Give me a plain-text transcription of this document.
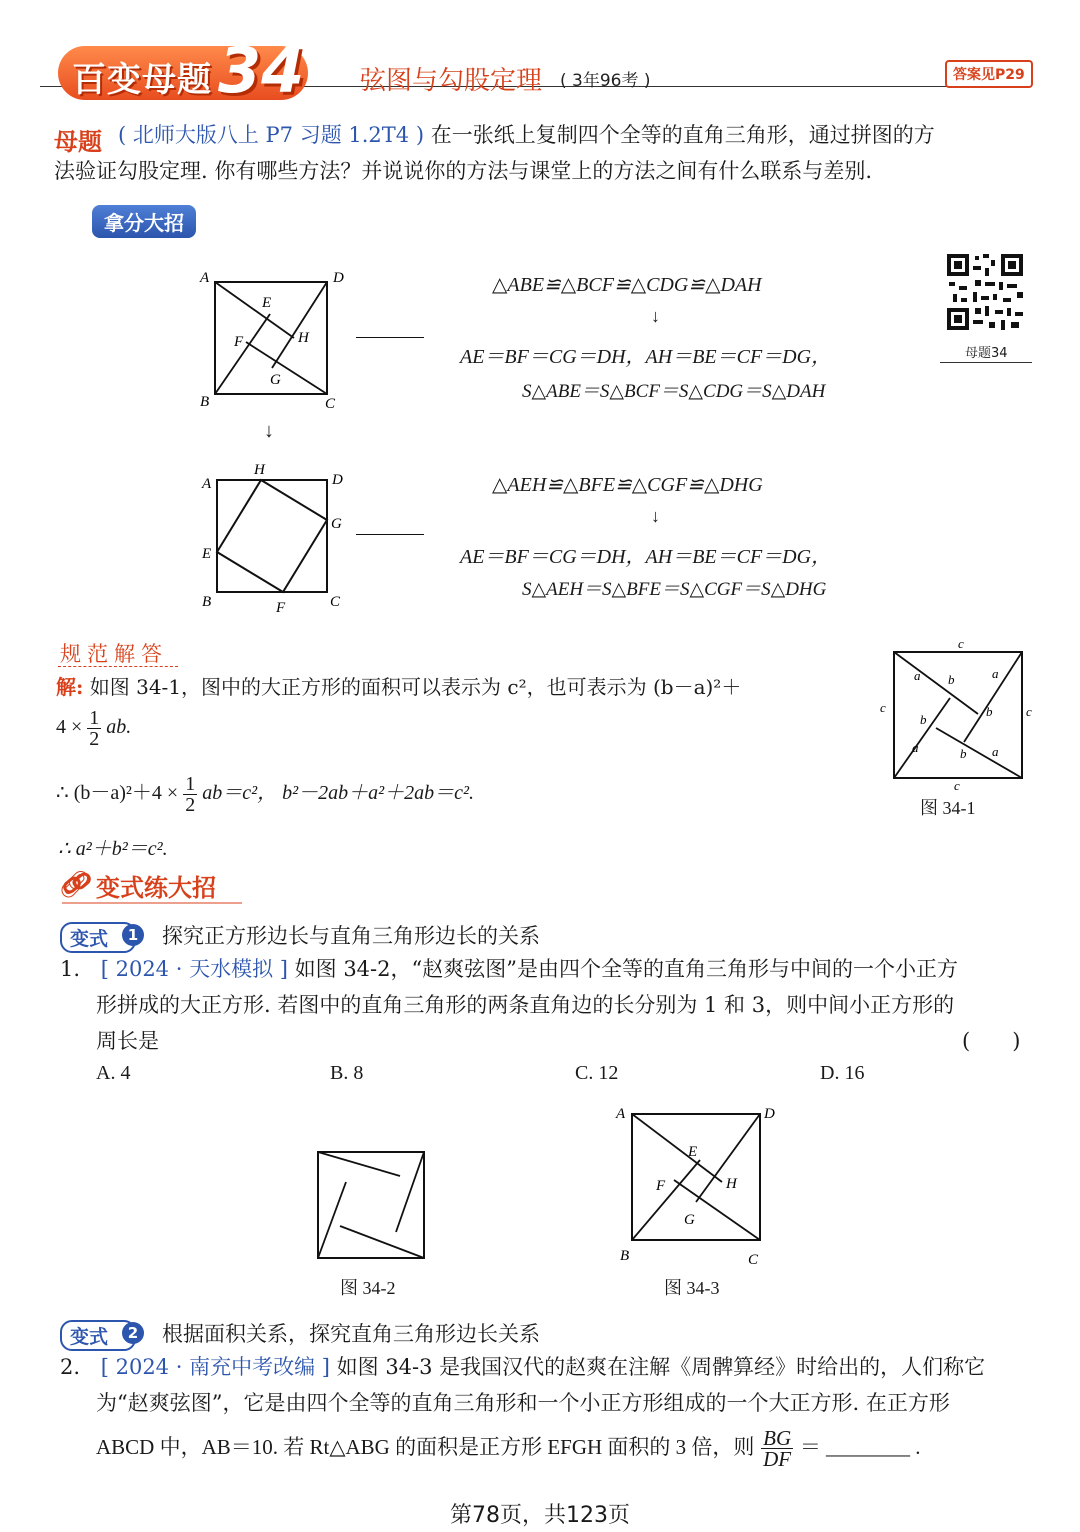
百变母题 34 弦图与勾股定理 ( 3年96考 )	答案见P29
母题 ( 北师大版八上 P7 习题 1.2T4 ) 在一张纸上复制四个全等的直角三角形，通过拼图的方
法验证勾股定理. 你有哪些方法？并说说你的方法与课堂上的方法之间有什么联系与差别.
拿分大招
母题34
A	D
E
F	H
G
B	C
△ABE≌△BCF≌△CDG≌△DAH
↓
AE＝BF＝CG＝DH，AH＝BE＝CF＝DG，
S△ABE＝S△BCF＝S△CDG＝S△DAH
↓
A
H
D
G
E
B	F	C
△AEH≌△BFE≌△CGF≌△DHG
↓
AE＝BF＝CG＝DH，AH＝BE＝CF＝DG，
S△AEH＝S△BFE＝S△CGF＝S△DHG
规范解答
解: 如图 34-1，图中的大正方形的面积可以表示为 c²，也可表示为 (b－a)²＋
$4 \times \frac{1}{2}$ ab.
∴ $(b-a)^2+4 \times \frac{1}{2} ab=c^2$， b²－2ab＋a²＋2ab＝c².
∴ a²＋b²＝c².
c
c	c
c
a b	a
b
b
b
a	a
图 34-1
🔗︎ 变式练大招
变式	1 探究正方形边长与直角三角形边长的关系
1. [ 2024 · 天水模拟 ] 如图 34-2，“赵爽弦图”是由四个全等的直角三角形与中间的一个小正方
形拼成的大正方形. 若图中的直角三角形的两条直角边的长分别为 1 和 3，则中间小正方形的
周长是	(　　)
A. 4	B. 8	C. 12	D. 16
图 34-2
A	D
E
F	H
G
B	C
图 34-3
变式	2 根据面积关系，探究直角三角形边长关系
2. [ 2024 · 南充中考改编 ] 如图 34-3 是我国汉代的赵爽在注解《周髀算经》时给出的，人们称它
为“赵爽弦图”，它是由四个全等的直角三角形和一个小正方形组成的一个大正方形. 在正方形
ABCD 中，AB＝10. 若 Rt△ABG 的面积是正方形 EFGH 面积的 3 倍，则 $\frac{BG}{DF}$ ＝ ________ .
第78页，共123页
